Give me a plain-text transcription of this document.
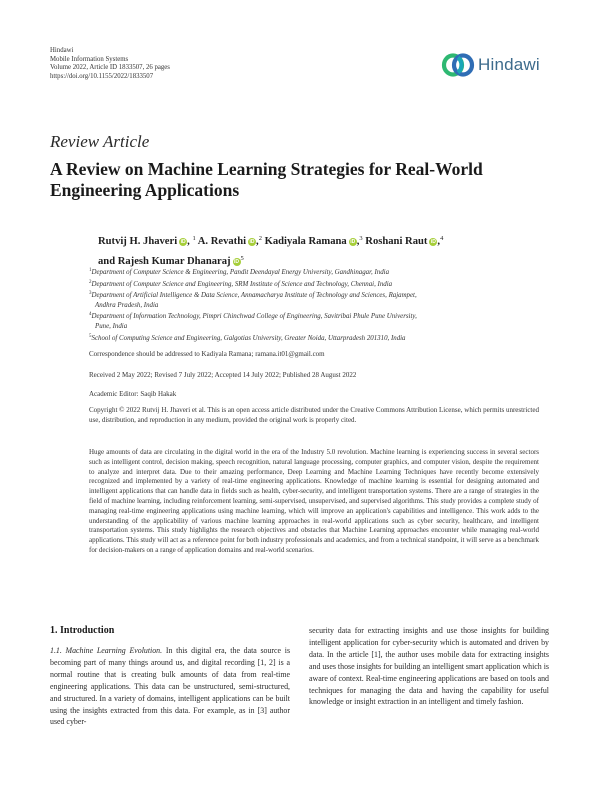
Hindawi
Mobile Information Systems
Volume 2022, Article ID 1833507, 26 pages
https://doi.org/10.1155/2022/1833507
Hindawi
Review Article
A Review on Machine Learning Strategies for Real-World Engineering Applications
Rutvij H. Jhaveri iD , $^1$ A. Revathi iD ,$^2$ Kadiyala Ramana iD ,$^3$ Roshani Raut iD ,$^4$
and Rajesh Kumar Dhanaraj iD $^5$
$^1$Department of Computer Science & Engineering, Pandit Deendayal Energy University, Gandhinagar, India
$^2$Department of Computer Science and Engineering, SRM Institute of Science and Technology, Chennai, India
$^3$Department of Artificial Intelligence & Data Science, Annamacharya Institute of Technology and Sciences, Rajampet,
Andhra Pradesh, India
$^4$Department of Information Technology, Pimpri Chinchwad College of Engineering, Savitribai Phule Pune University,
Pune, India
$^5$School of Computing Science and Engineering, Galgotias University, Greater Noida, Uttarpradesh 201310, India
Correspondence should be addressed to Kadiyala Ramana; ramana.it01@gmail.com
Received 2 May 2022; Revised 7 July 2022; Accepted 14 July 2022; Published 28 August 2022
Academic Editor: Saqib Hakak
Copyright © 2022 Rutvij H. Jhaveri et al. This is an open access article distributed under the Creative Commons Attribution License, which permits unrestricted use, distribution, and reproduction in any medium, provided the original work is properly cited.
Huge amounts of data are circulating in the digital world in the era of the Industry 5.0 revolution. Machine learning is experiencing success in several sectors such as intelligent control, decision making, speech recognition, natural language processing, computer graphics, and computer vision, despite the requirement to analyze and interpret data. Due to their amazing performance, Deep Learning and Machine Learning Techniques have recently become extensively recognized and implemented by a variety of real-time engineering applications. Knowledge of machine learning is essential for designing automated and intelligent applications that can handle data in fields such as health, cyber-security, and intelligent transportation systems. There are a range of strategies in the field of machine learning, including reinforcement learning, semi-supervised, unsupervised, and supervised algorithms. This study provides a complete study of managing real-time engineering applications using machine learning, which will improve an application's capabilities and intelligence. This work adds to the understanding of the applicability of various machine learning approaches in real-world applications such as cyber security, healthcare, and intelligent transportation systems. This study highlights the research objectives and obstacles that Machine Learning approaches encounter while managing real-world applications. This study will act as a reference point for both industry professionals and academics, and from a technical standpoint, it will serve as a benchmark for decision-makers on a range of application domains and real-world scenarios.
1. Introduction
1.1. Machine Learning Evolution. In this digital era, the data source is becoming part of many things around us, and digital recording [1, 2] is a normal routine that is creating bulk amounts of data from real-time engineering applications. This data can be unstructured, semi-structured, and structured. In a variety of domains, intelligent applications can be built using the insights extracted from this data. For example, as in [3] author used cyber-
security data for extracting insights and use those insights for building intelligent application for cyber-security which is automated and driven by data. In the article [1], the author uses mobile data for extracting insights and uses those insights for building an intelligent smart application which is aware of context. Real-time engineering applications are based on tools and techniques for managing the data and having the capability for useful knowledge or insight extraction in an intelligent and timely fashion.
